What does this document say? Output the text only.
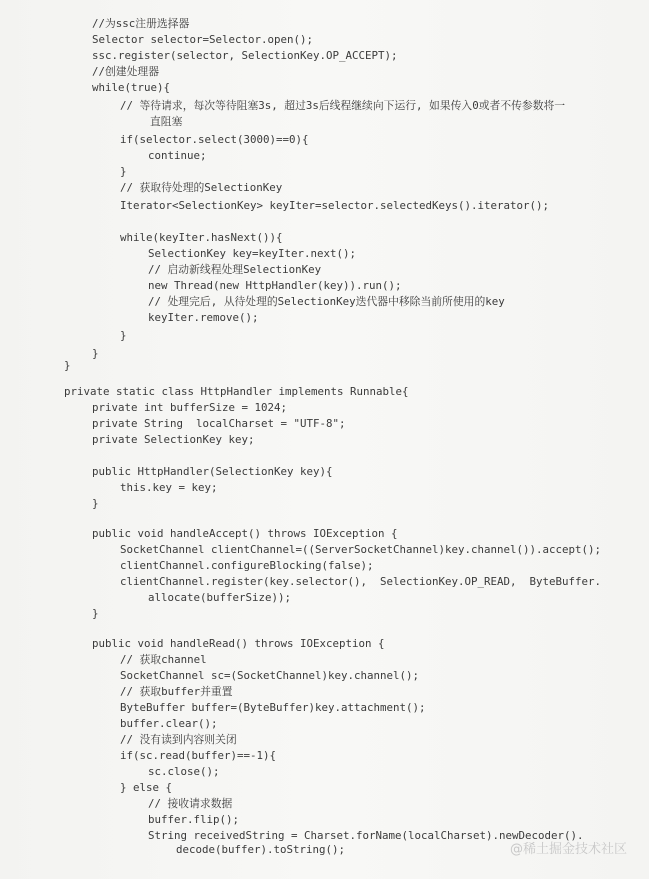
//为ssc注册选择器
Selector selector=Selector.open();
ssc.register(selector, SelectionKey.OP_ACCEPT);
//创建处理器
while(true){
// 等待请求，每次等待阻塞3s, 超过3s后线程继续向下运行, 如果传入0或者不传参数将一
直阻塞
if(selector.select(3000)==0){
continue;
}
// 获取待处理的SelectionKey
Iterator<SelectionKey> keyIter=selector.selectedKeys().iterator();
while(keyIter.hasNext()){
SelectionKey key=keyIter.next();
// 启动新线程处理SelectionKey
new Thread(new HttpHandler(key)).run();
// 处理完后, 从待处理的SelectionKey迭代器中移除当前所使用的key
keyIter.remove();
}
}
}
private static class HttpHandler implements Runnable{
private int bufferSize = 1024;
private String  localCharset = "UTF-8";
private SelectionKey key;
public HttpHandler(SelectionKey key){
this.key = key;
}
public void handleAccept() throws IOException {
SocketChannel clientChannel=((ServerSocketChannel)key.channel()).accept();
clientChannel.configureBlocking(false);
clientChannel.register(key.selector(),  SelectionKey.OP_READ,  ByteBuffer.
allocate(bufferSize));
}
public void handleRead() throws IOException {
// 获取channel
SocketChannel sc=(SocketChannel)key.channel();
// 获取buffer并重置
ByteBuffer buffer=(ByteBuffer)key.attachment();
buffer.clear();
// 没有读到内容则关闭
if(sc.read(buffer)==-1){
sc.close();
} else {
// 接收请求数据
buffer.flip();
String receivedString = Charset.forName(localCharset).newDecoder().
decode(buffer).toString();	@稀土掘金技术社区
